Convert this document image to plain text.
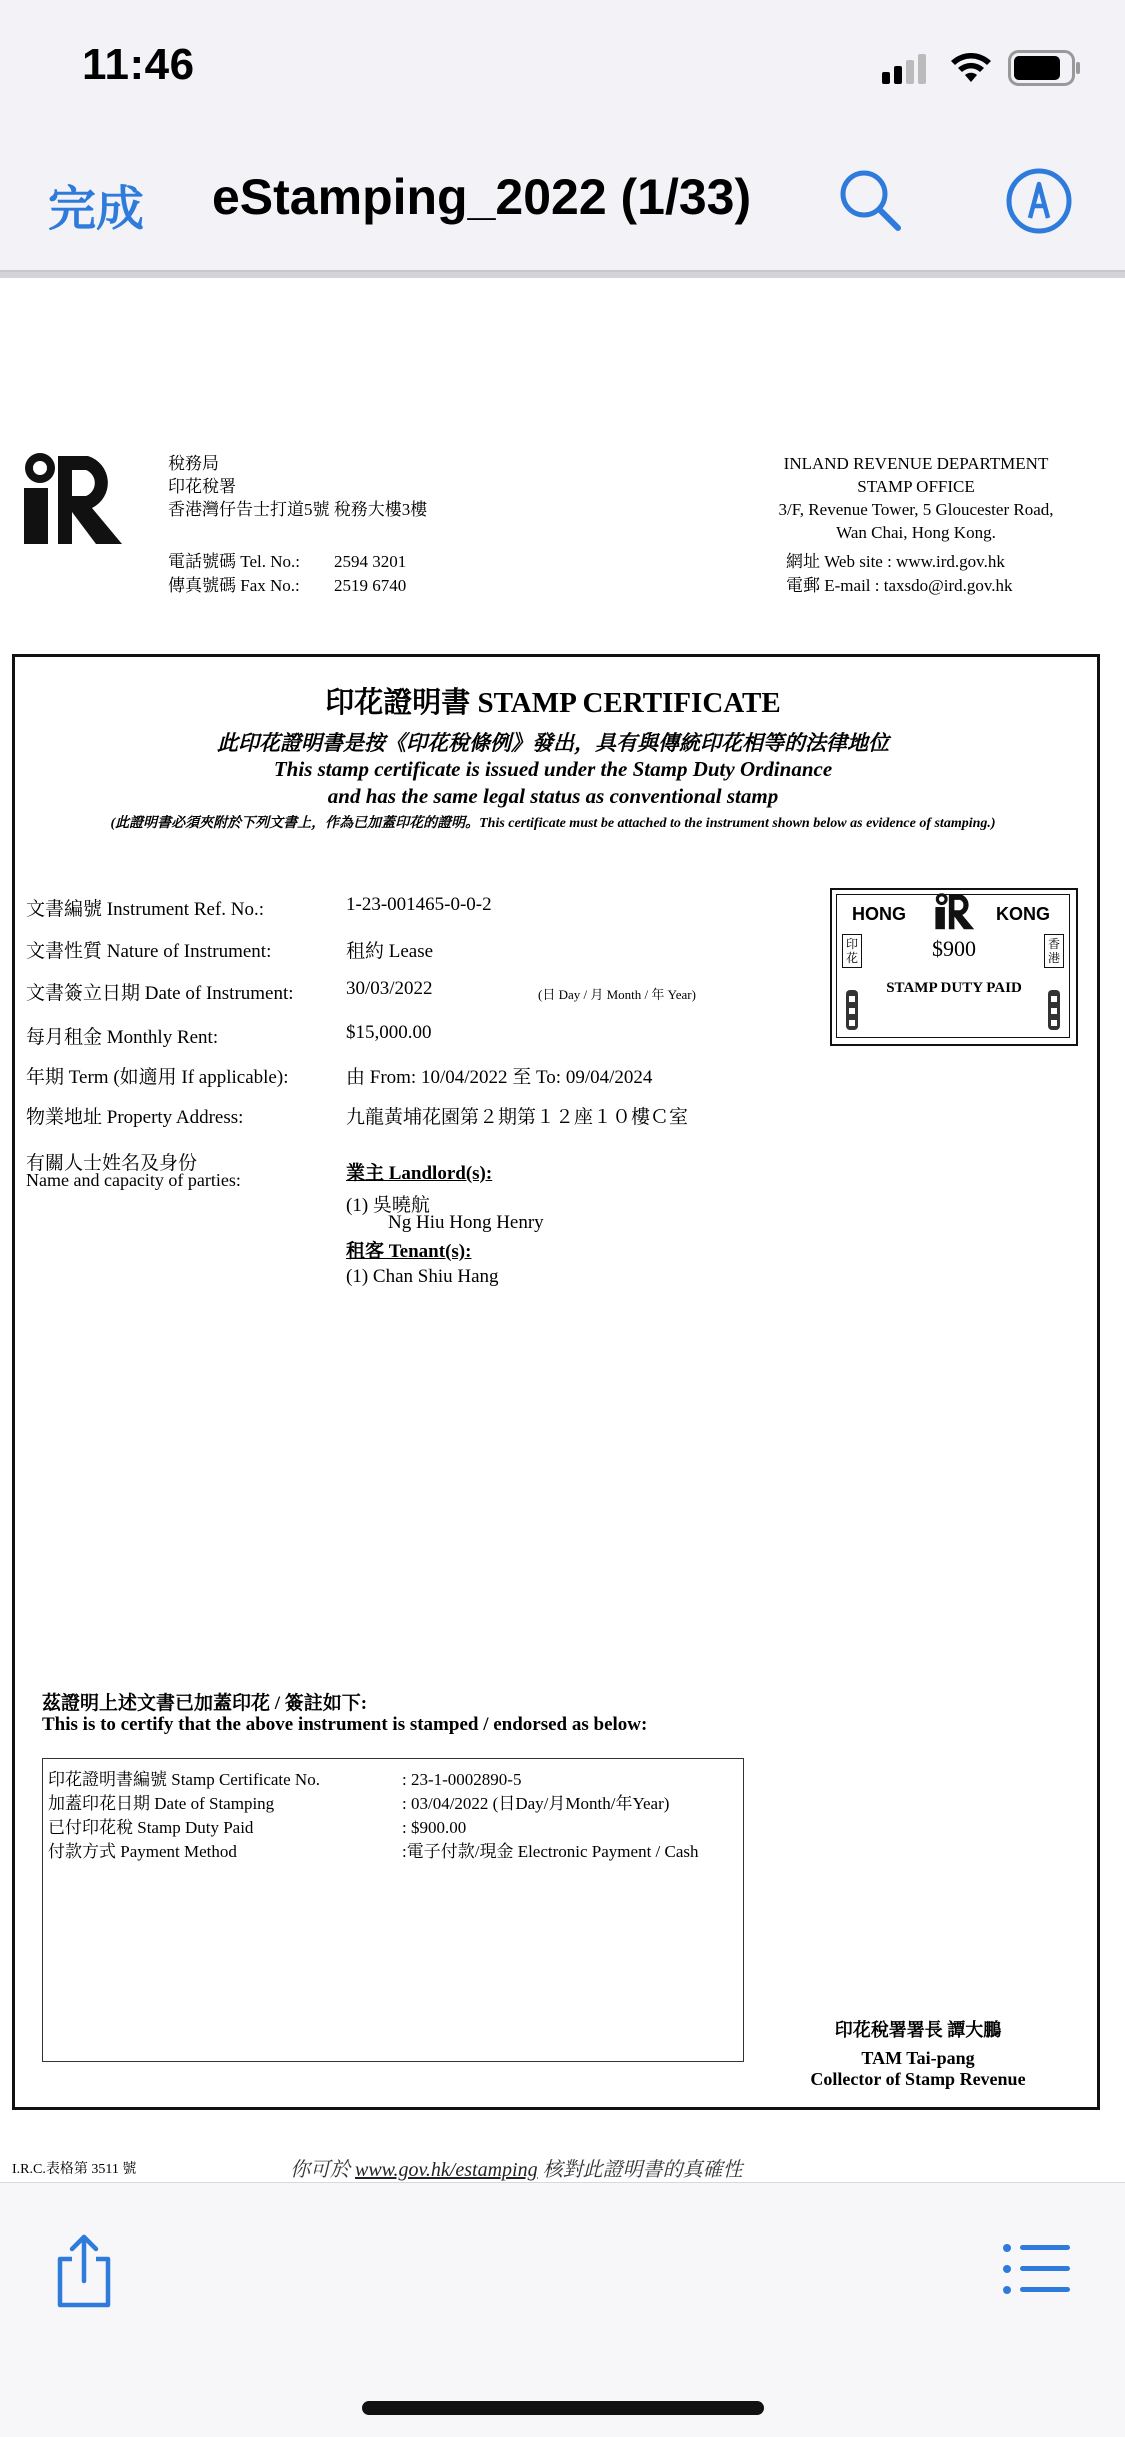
11:46
完成 eStamping_2022 (1/33)
稅務局
印花稅署
香港灣仔告士打道5號 稅務大樓3樓
電話號碼 Tel. No.: 2594 3201
傳真號碼 Fax No.: 2519 6740
INLAND REVENUE DEPARTMENT
STAMP OFFICE
3/F, Revenue Tower, 5 Gloucester Road,
Wan Chai, Hong Kong.
網址 Web site : www.ird.gov.hk
電郵 E-mail : taxsdo@ird.gov.hk
印花證明書 STAMP CERTIFICATE
此印花證明書是按《印花稅條例》發出，具有與傳統印花相等的法律地位
This stamp certificate is issued under the Stamp Duty Ordinance
and has the same legal status as conventional stamp
(此證明書必須夾附於下列文書上，作為已加蓋印花的證明。This certificate must be attached to the instrument shown below as evidence of stamping.)
文書編號 Instrument Ref. No.:	1-23-001465-0-0-2
文書性質 Nature of Instrument:	租約 Lease
文書簽立日期 Date of Instrument:	30/03/2022	(日 Day / 月 Month / 年 Year)
每月租金 Monthly Rent:	$15,000.00
年期 Term (如適用 If applicable):	由 From: 10/04/2022 至 To: 09/04/2024
物業地址 Property Address:	九龍黃埔花園第２期第１２座１０樓Ｃ室
有關人士姓名及身份
Name and capacity of parties:	業主 Landlord(s):
(1) 吳曉航
Ng Hiu Hong Henry
租客 Tenant(s):
(1) Chan Shiu Hang
HONG	KONG
$900
STAMP DUTY PAID
印花
香港
茲證明上述文書已加蓋印花 / 簽註如下:
This is to certify that the above instrument is stamped / endorsed as below:
印花證明書編號 Stamp Certificate No.	: 23-1-0002890-5
加蓋印花日期 Date of Stamping	: 03/04/2022 (日Day/月Month/年Year)
已付印花稅 Stamp Duty Paid	: $900.00
付款方式 Payment Method	:電子付款/現金 Electronic Payment / Cash
印花稅署署長 譚大鵬
TAM Tai-pang
Collector of Stamp Revenue
I.R.C.表格第 3511 號	你可於 www.gov.hk/estamping 核對此證明書的真確性
